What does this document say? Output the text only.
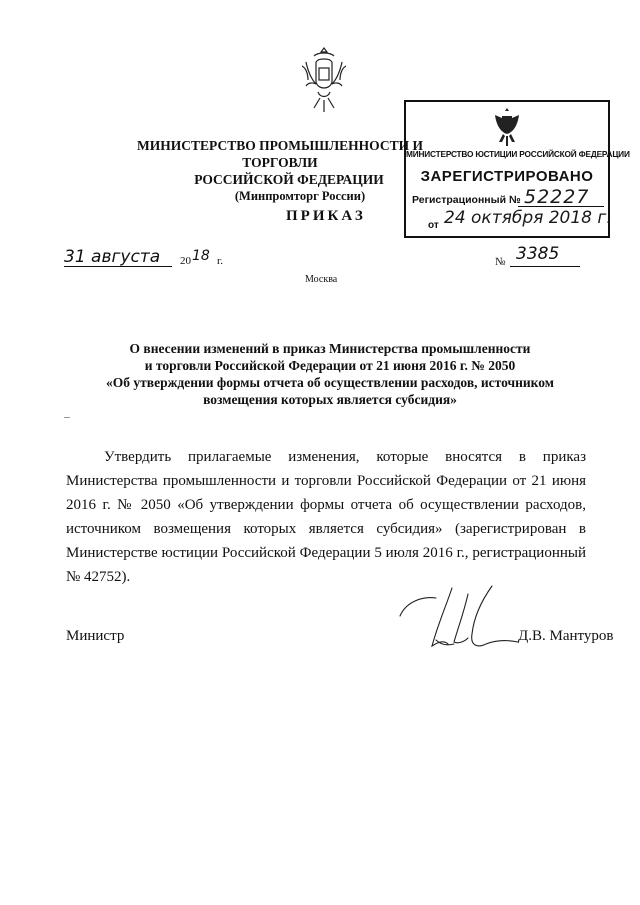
МИНИСТЕРСТВО ПРОМЫШЛЕННОСТИ И ТОРГОВЛИ
РОССИЙСКОЙ ФЕДЕРАЦИИ
(Минпромторг России)
МИНИСТЕРСТВО ЮСТИЦИИ РОССИЙСКОЙ ФЕДЕРАЦИИ
ЗАРЕГИСТРИРОВАНО
Регистрационный № 52227
от 24 октября 2018 г.
ПРИКАЗ
31 августа 20 г.
18	№ 3385
Москва
О внесении изменений в приказ Министерства промышленности
и торговли Российской Федерации от 21 июня 2016 г. № 2050
«Об утверждении формы отчета об осуществлении расходов, источником
возмещения которых является субсидия»

Утвердить прилагаемые изменения, которые вносятся в приказ Министерства промышленности и торговли Российской Федерации от 21 июня 2016 г. № 2050 «Об утверждении формы отчета об осуществлении расходов, источником возмещения которых является субсидия» (зарегистрирован в Министерстве юстиции Российской Федерации 5 июля 2016 г., регистрационный № 42752).

Министр	Д.В. Мантуров
